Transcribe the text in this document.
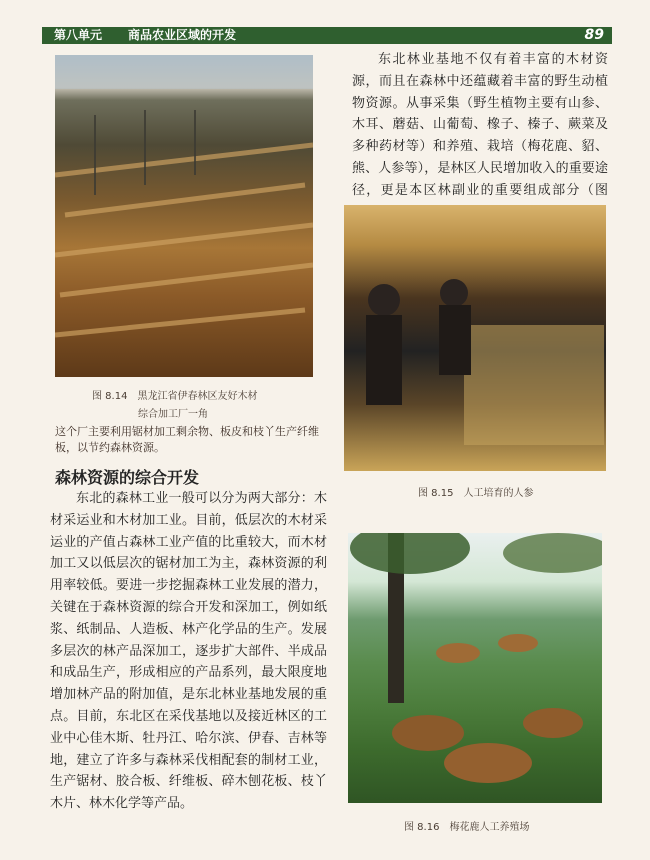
第八单元 商品农业区域的开发	89
图 8.14　黑龙江省伊春林区友好木材
综合加工厂一角
这个厂主要利用锯材加工剩余物、板皮和枝丫生产纤维板，以节约森林资源。
森林资源的综合开发
东北的森林工业一般可以分为两大部分：木材采运业和木材加工业。目前，低层次的木材采运业的产值占森林工业产值的比重较大，而木材加工又以低层次的锯材加工为主，森林资源的利用率较低。要进一步挖掘森林工业发展的潜力，关键在于森林资源的综合开发和深加工，例如纸浆、纸制品、人造板、林产化学品的生产。发展多层次的林产品深加工，逐步扩大部件、半成品和成品生产，形成相应的产品系列，最大限度地增加林产品的附加值，是东北林业基地发展的重点。目前，东北区在采伐基地以及接近林区的工业中心佳木斯、牡丹江、哈尔滨、伊春、吉林等地，建立了许多与森林采伐相配套的制材工业，生产锯材、胶合板、纤维板、碎木刨花板、枝丫木片、林木化学等产品。
东北林业基地不仅有着丰富的木材资源，而且在森林中还蕴藏着丰富的野生动植物资源。从事采集（野生植物主要有山参、木耳、蘑菇、山葡萄、橡子、榛子、蕨菜及多种药材等）和养殖、栽培（梅花鹿、貂、熊、人参等），是林区人民增加收入的重要途径，更是本区林副业的重要组成部分（图
图 8.15　人工培育的人参
图 8.16　梅花鹿人工养殖场
